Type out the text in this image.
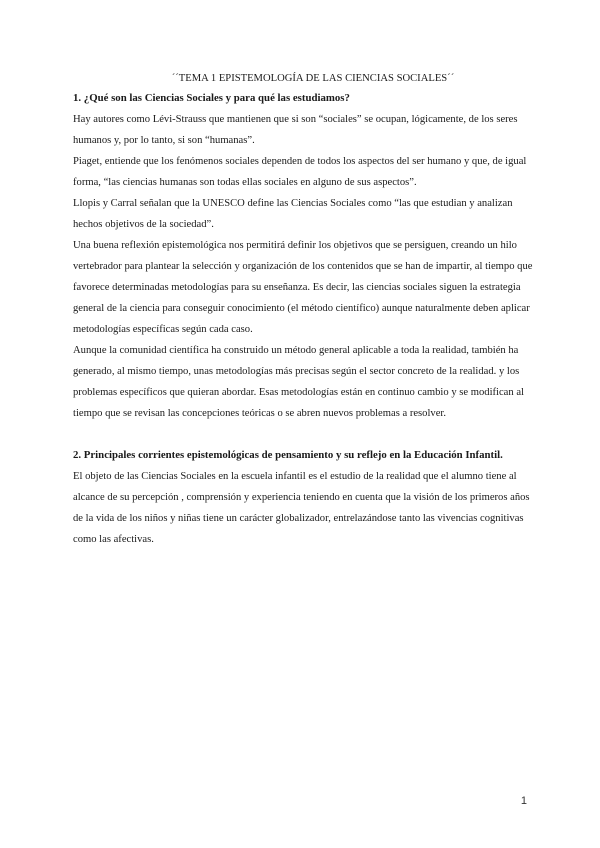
´´TEMA 1 EPISTEMOLOGÍA DE LAS CIENCIAS SOCIALES´´
1. ¿Qué son las Ciencias Sociales y para qué las estudiamos?

Hay autores como Lévi-Strauss que mantienen que si son “sociales” se ocupan, lógicamente, de los seres humanos y, por lo tanto, si son “humanas”.

Piaget, entiende que los fenómenos sociales dependen de todos los aspectos del ser humano y que, de igual forma, “las ciencias humanas son todas ellas sociales en alguno de sus aspectos”.

Llopis y Carral señalan que la UNESCO define las Ciencias Sociales como “las que estudian y analizan hechos objetivos de la sociedad”.

Una buena reflexión epistemológica nos permitirá definir los objetivos que se persiguen, creando un hilo vertebrador para plantear la selección y organización de los contenidos que se han de impartir, al tiempo que favorece determinadas metodologías para su enseñanza. Es decir, las ciencias sociales siguen la estrategia general de la ciencia para conseguir conocimiento (el método científico) aunque naturalmente deben aplicar metodologías específicas según cada caso.

Aunque la comunidad científica ha construido un método general aplicable a toda la realidad, también ha generado, al mismo tiempo, unas metodologías más precisas según el sector concreto de la realidad. y los problemas específicos que quieran abordar. Esas metodologías están en continuo cambio y se modifican al tiempo que se revisan las concepciones teóricas o se abren nuevos problemas a resolver.

2. Principales corrientes epistemológicas de pensamiento y su reflejo en la Educación Infantil.

El objeto de las Ciencias Sociales en la escuela infantil es el estudio de la realidad que el alumno tiene al alcance de su percepción , comprensión y experiencia teniendo en cuenta que la visión de los primeros años de la vida de los niños y niñas tiene un carácter globalizador, entrelazándose tanto las vivencias cognitivas como las afectivas.

1
